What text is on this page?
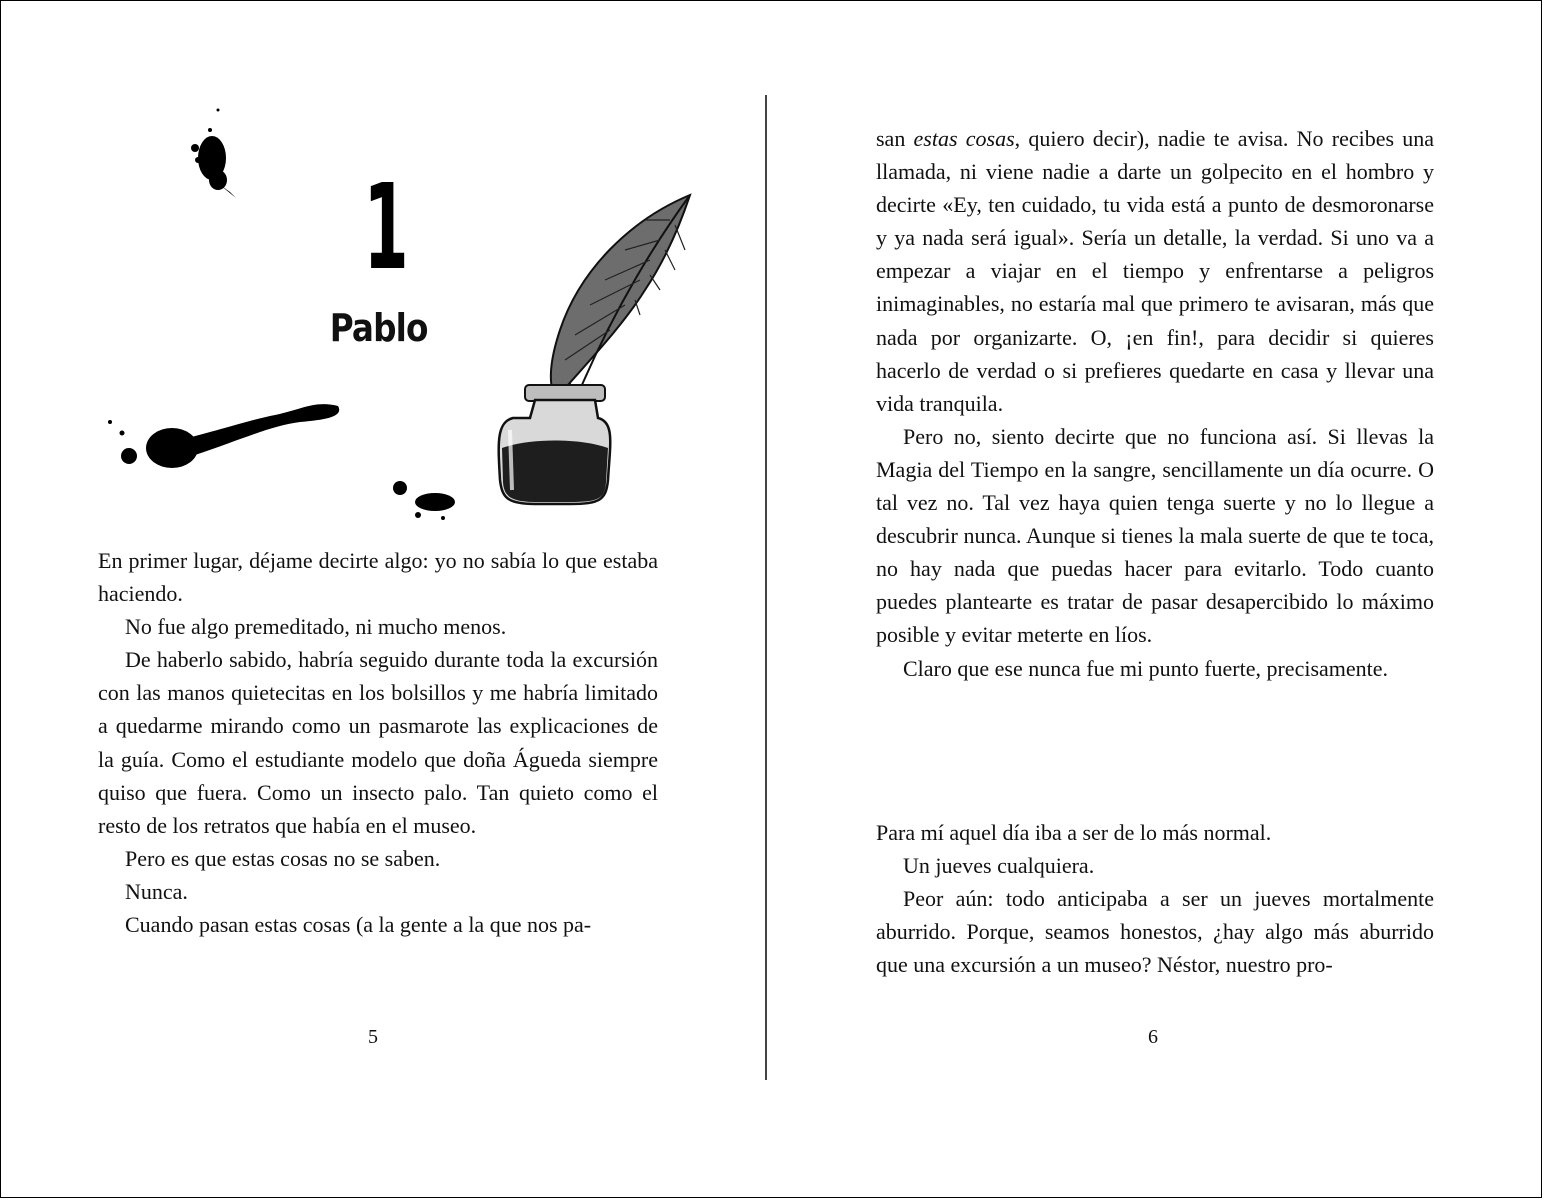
1
Pablo

En primer lugar, déjame decirte algo: yo no sabía lo que estaba haciendo.

No fue algo premeditado, ni mucho menos.

De haberlo sabido, habría seguido durante toda la excursión con las manos quietecitas en los bolsillos y me habría limitado a quedarme mirando como un pasmarote las explicaciones de la guía. Como el estudiante modelo que doña Águeda siempre quiso que fuera. Como un insecto palo. Tan quieto como el resto de los retratos que había en el museo.

Pero es que estas cosas no se saben.

Nunca.

Cuando pasan estas cosas (a la gente a la que nos pa-

5

san estas cosas, quiero decir), nadie te avisa. No recibes una llamada, ni viene nadie a darte un golpecito en el hombro y decirte «Ey, ten cuidado, tu vida está a punto de desmoronarse y ya nada será igual». Sería un detalle, la verdad. Si uno va a empezar a viajar en el tiempo y enfrentarse a peligros inimaginables, no estaría mal que primero te avisaran, más que nada por organizarte. O, ¡en fin!, para decidir si quieres hacerlo de verdad o si prefieres quedarte en casa y llevar una vida tranquila.

Pero no, siento decirte que no funciona así. Si llevas la Magia del Tiempo en la sangre, sencillamente un día ocurre. O tal vez no. Tal vez haya quien tenga suerte y no lo llegue a descubrir nunca. Aunque si tienes la mala suerte de que te toca, no hay nada que puedas hacer para evitarlo. Todo cuanto puedes plantearte es tratar de pasar desapercibido lo máximo posible y evitar meterte en líos.

Claro que ese nunca fue mi punto fuerte, precisamente.

Para mí aquel día iba a ser de lo más normal.

Un jueves cualquiera.

Peor aún: todo anticipaba a ser un jueves mortalmente aburrido. Porque, seamos honestos, ¿hay algo más aburrido que una excursión a un museo? Néstor, nuestro pro-

6
